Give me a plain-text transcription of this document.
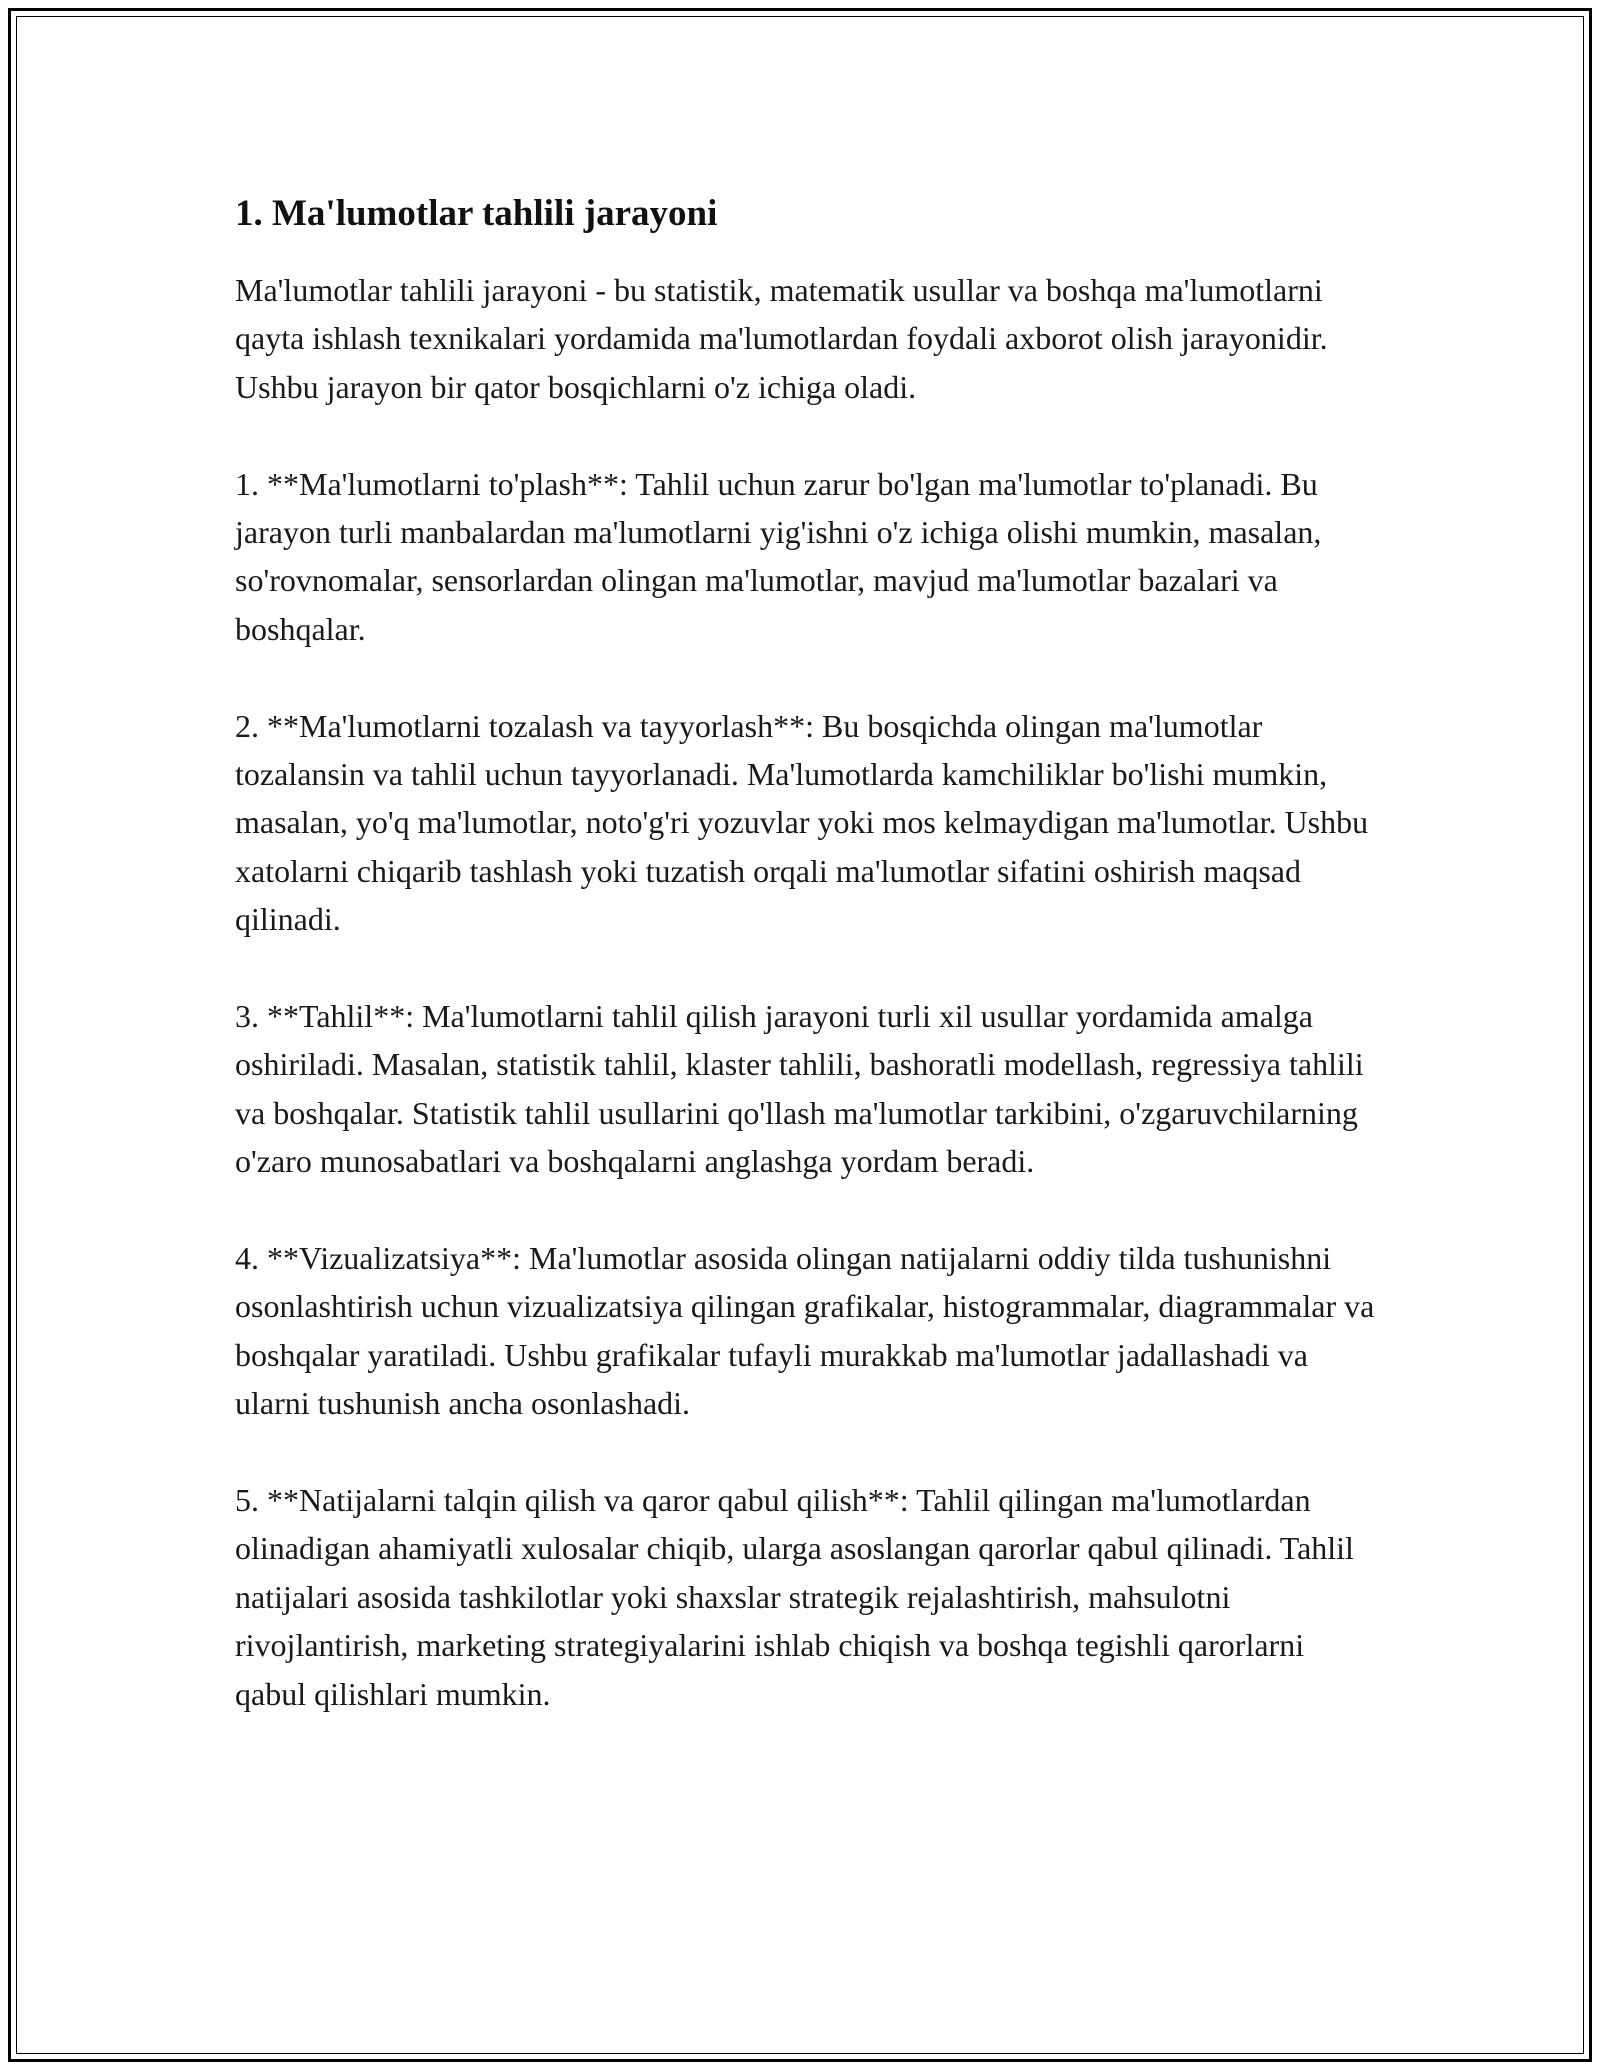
1. Ma'lumotlar tahlili jarayoni

Ma'lumotlar tahlili jarayoni - bu statistik, matematik usullar va boshqa ma'lumotlarni qayta ishlash texnikalari yordamida ma'lumotlardan foydali axborot olish jarayonidir. Ushbu jarayon bir qator bosqichlarni o'z ichiga oladi.

1. **Ma'lumotlarni to'plash**: Tahlil uchun zarur bo'lgan ma'lumotlar to'planadi. Bu jarayon turli manbalardan ma'lumotlarni yig'ishni o'z ichiga olishi mumkin, masalan, so'rovnomalar, sensorlardan olingan ma'lumotlar, mavjud ma'lumotlar bazalari va boshqalar.

2. **Ma'lumotlarni tozalash va tayyorlash**: Bu bosqichda olingan ma'lumotlar tozalansin va tahlil uchun tayyorlanadi. Ma'lumotlarda kamchiliklar bo'lishi mumkin, masalan, yo'q ma'lumotlar, noto'g'ri yozuvlar yoki mos kelmaydigan ma'lumotlar. Ushbu xatolarni chiqarib tashlash yoki tuzatish orqali ma'lumotlar sifatini oshirish maqsad qilinadi.

3. **Tahlil**: Ma'lumotlarni tahlil qilish jarayoni turli xil usullar yordamida amalga oshiriladi. Masalan, statistik tahlil, klaster tahlili, bashoratli modellash, regressiya tahlili va boshqalar. Statistik tahlil usullarini qo'llash ma'lumotlar tarkibini, o'zgaruvchilarning o'zaro munosabatlari va boshqalarni anglashga yordam beradi.

4. **Vizualizatsiya**: Ma'lumotlar asosida olingan natijalarni oddiy tilda tushunishni osonlashtirish uchun vizualizatsiya qilingan grafikalar, histogrammalar, diagrammalar va boshqalar yaratiladi. Ushbu grafikalar tufayli murakkab ma'lumotlar jadallashadi va ularni tushunish ancha osonlashadi.

5. **Natijalarni talqin qilish va qaror qabul qilish**: Tahlil qilingan ma'lumotlardan olinadigan ahamiyatli xulosalar chiqib, ularga asoslangan qarorlar qabul qilinadi. Tahlil natijalari asosida tashkilotlar yoki shaxslar strategik rejalashtirish, mahsulotni rivojlantirish, marketing strategiyalarini ishlab chiqish va boshqa tegishli qarorlarni qabul qilishlari mumkin.
